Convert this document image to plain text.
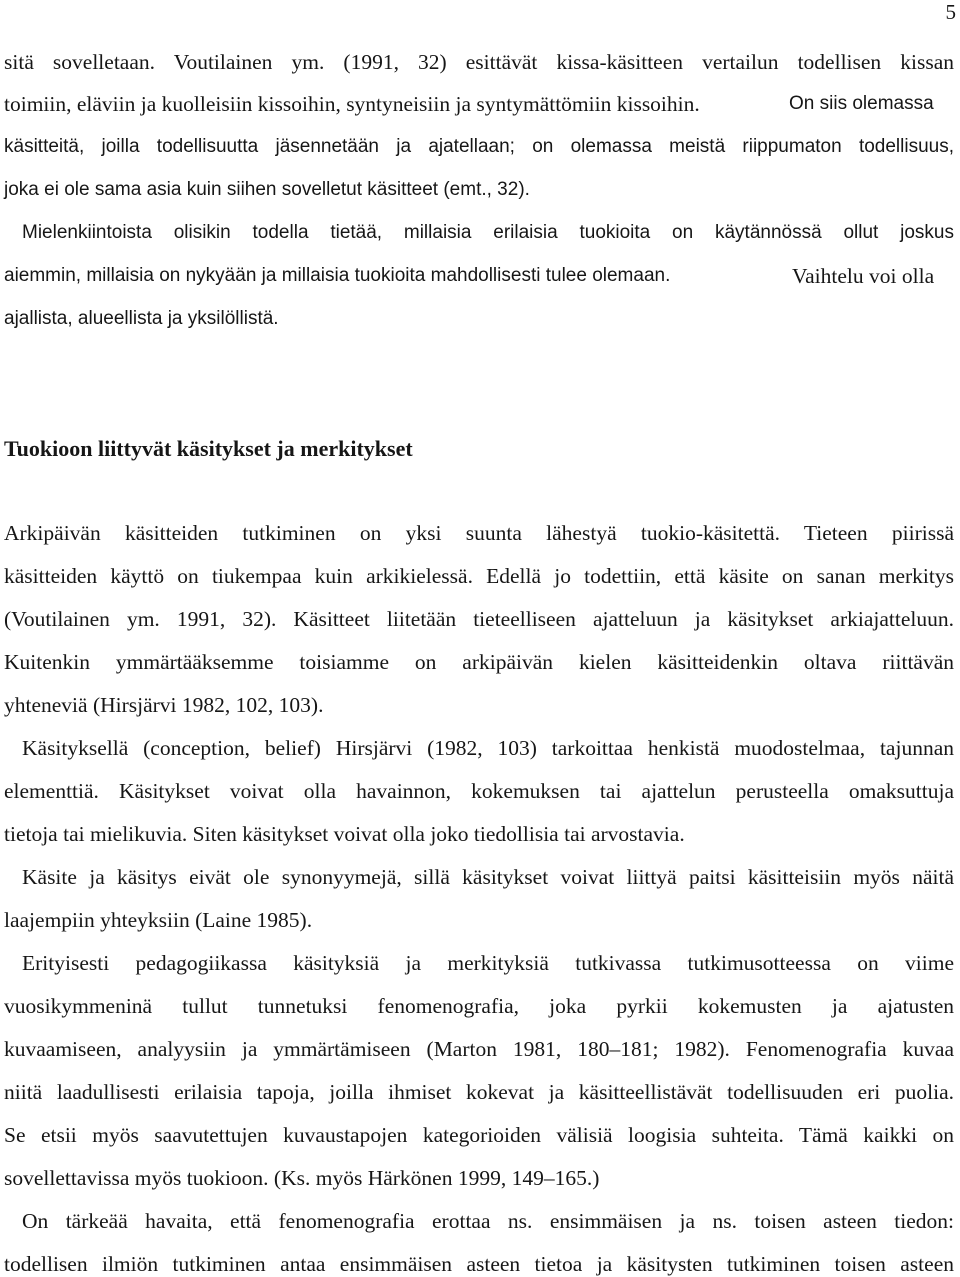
5
sitä sovelletaan. Voutilainen ym. (1991, 32) esittävät kissa-käsitteen vertailun todellisen kissan
toimiin, eläviin ja kuolleisiin kissoihin, syntyneisiin ja syntymättömiin kissoihin.	On siis olemassa
käsitteitä, joilla todellisuutta jäsennetään ja ajatellaan; on olemassa meistä riippumaton todellisuus,
joka ei ole sama asia kuin siihen sovelletut käsitteet (emt., 32).
Mielenkiintoista olisikin todella tietää, millaisia erilaisia tuokioita on käytännössä ollut joskus
aiemmin, millaisia on nykyään ja millaisia tuokioita mahdollisesti tulee olemaan.	Vaihtelu voi olla
ajallista, alueellista ja yksilöllistä.
Tuokioon liittyvät käsitykset ja merkitykset
Arkipäivän käsitteiden tutkiminen on yksi suunta lähestyä tuokio-käsitettä. Tieteen piirissä
käsitteiden käyttö on tiukempaa kuin arkikielessä. Edellä jo todettiin, että käsite on sanan merkitys
(Voutilainen ym. 1991, 32). Käsitteet liitetään tieteelliseen ajatteluun ja käsitykset arkiajatteluun.
Kuitenkin ymmärtääksemme toisiamme on arkipäivän kielen käsitteidenkin oltava riittävän
yhteneviä (Hirsjärvi 1982, 102, 103).
Käsityksellä (conception, belief) Hirsjärvi (1982, 103) tarkoittaa henkistä muodostelmaa, tajunnan
elementtiä. Käsitykset voivat olla havainnon, kokemuksen tai ajattelun perusteella omaksuttuja
tietoja tai mielikuvia. Siten käsitykset voivat olla joko tiedollisia tai arvostavia.
Käsite ja käsitys eivät ole synonyymejä, sillä käsitykset voivat liittyä paitsi käsitteisiin myös näitä
laajempiin yhteyksiin (Laine 1985).
Erityisesti pedagogiikassa käsityksiä ja merkityksiä tutkivassa tutkimusotteessa on viime
vuosikymmeninä tullut tunnetuksi fenomenografia, joka pyrkii kokemusten ja ajatusten
kuvaamiseen, analyysiin ja ymmärtämiseen (Marton 1981, 180–181; 1982). Fenomenografia kuvaa
niitä laadullisesti erilaisia tapoja, joilla ihmiset kokevat ja käsitteellistävät todellisuuden eri puolia.
Se etsii myös saavutettujen kuvaustapojen kategorioiden välisiä loogisia suhteita. Tämä kaikki on
sovellettavissa myös tuokioon. (Ks. myös Härkönen 1999, 149–165.)
On tärkeää havaita, että fenomenografia erottaa ns. ensimmäisen ja ns. toisen asteen tiedon:
todellisen ilmiön tutkiminen antaa ensimmäisen asteen tietoa ja käsitysten tutkiminen toisen asteen
